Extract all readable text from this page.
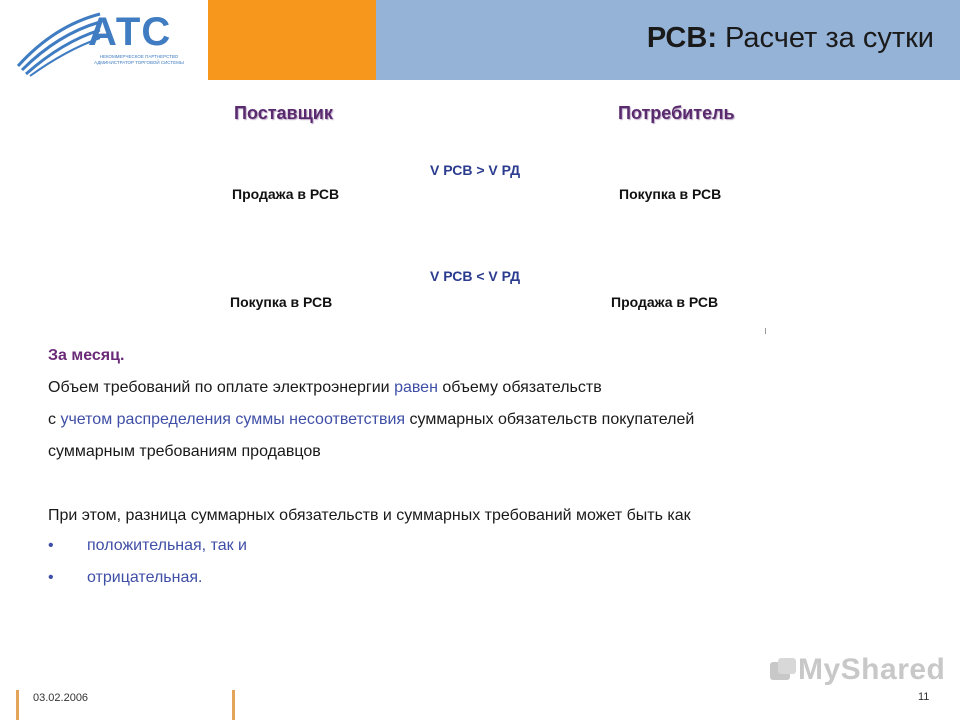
АТС
НЕКОММЕРЧЕСКОЕ ПАРТНЕРСТВО АДМИНИСТРАТОР ТОРГОВОЙ СИСТЕМЫ
РСВ: Расчет за сутки
Поставщик	Потребитель
V РСВ > V РД
Продажа в РСВ	Покупка в РСВ
V РСВ < V РД
Покупка в РСВ	Продажа в РСВ
За месяц.
Объем требований по оплате электроэнергии равен объему обязательств
с учетом распределения суммы несоответствия суммарных обязательств покупателей
суммарным требованиям продавцов
При этом, разница суммарных обязательств и суммарных требований может быть как
• положительная, так и
• отрицательная.
03.02.2006	11
MyShared
